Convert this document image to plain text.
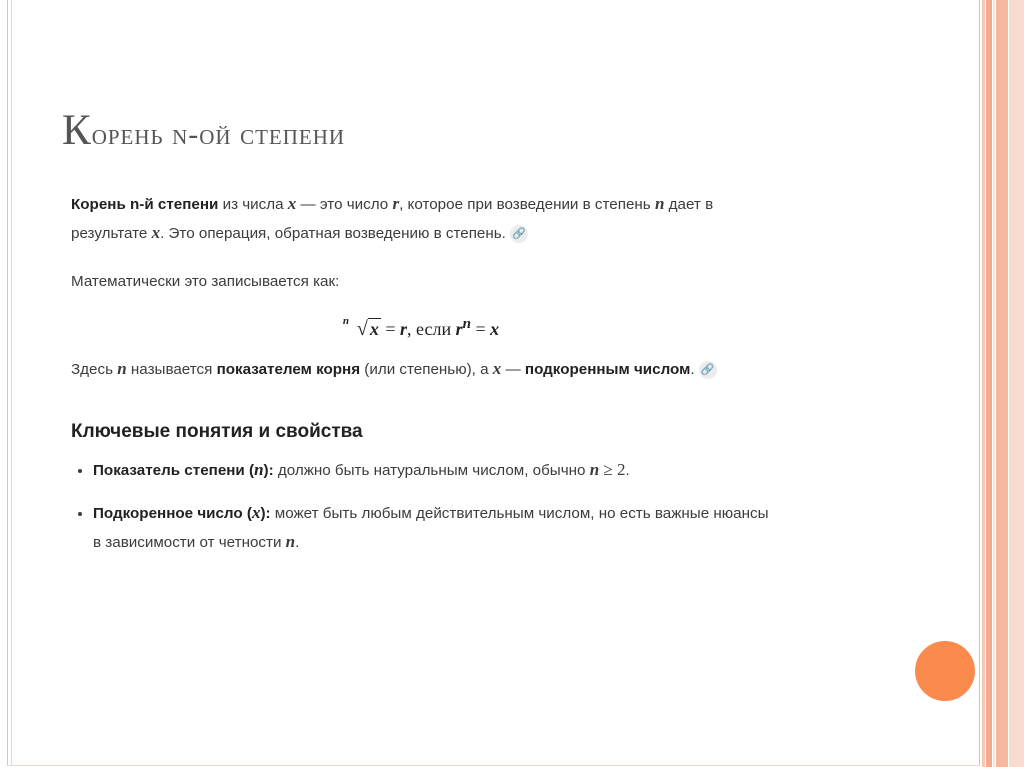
Корень n-ой степени

Корень n-й степени из числа x — это число r, которое при возведении в степень n дает в результате x. Это операция, обратная возведению в степень. 🔗

Математически это записывается как:

n √ x = r, если $r^n = x$

Здесь n называется показателем корня (или степенью), а x — подкоренным числом. 🔗

Ключевые понятия и свойства

• Показатель степени (n): должно быть натуральным числом, обычно n ≥ 2.
• Подкоренное число (x): может быть любым действительным числом, но есть важные нюансы в зависимости от четности n.
